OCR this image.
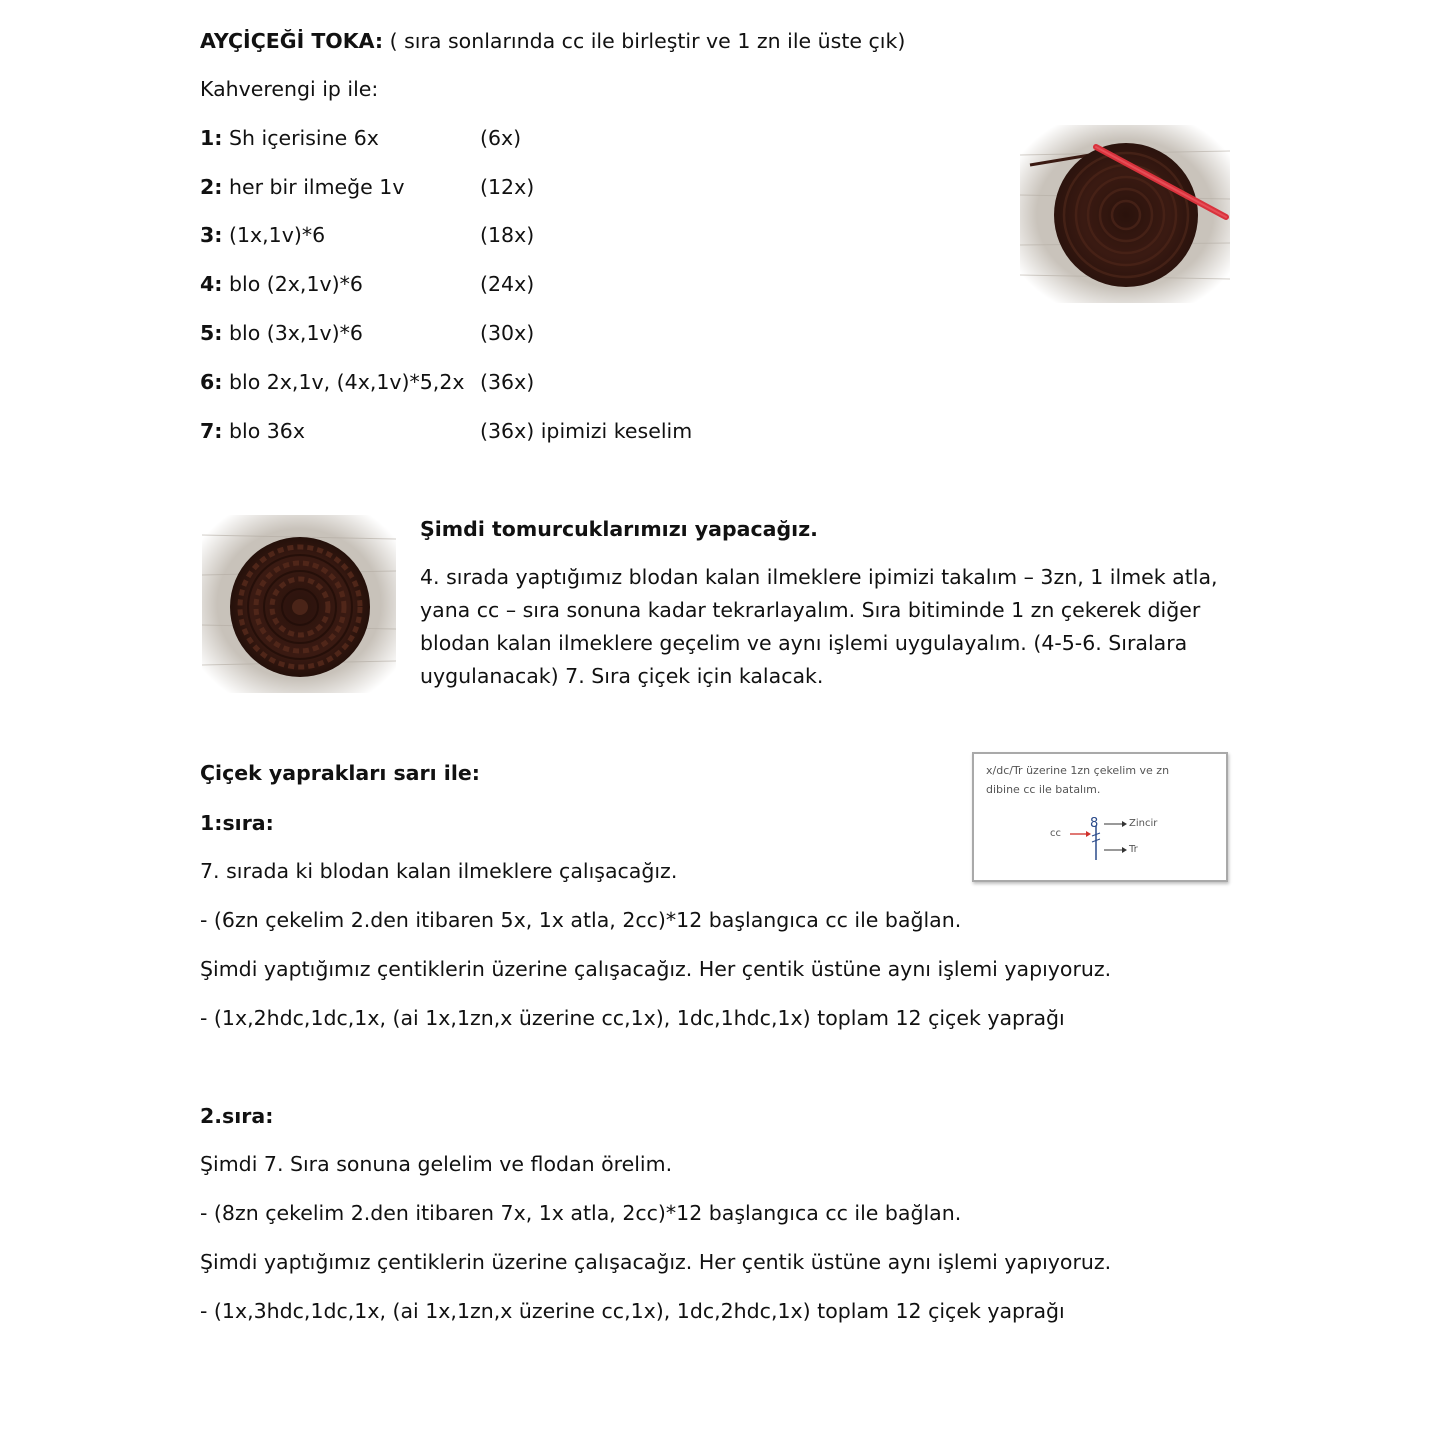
AYÇİÇEĞİ TOKA: ( sıra sonlarında cc ile birleştir ve 1 zn ile üste çık)
Kahverengi ip ile:
1: Sh içerisine 6x	(6x)
2: her bir ilmeğe 1v	(12x)
3: (1x,1v)*6	(18x)
4: blo (2x,1v)*6	(24x)
5: blo (3x,1v)*6	(30x)
6: blo 2x,1v, (4x,1v)*5,2x (36x)
7: blo 36x	(36x) ipimizi keselim
Şimdi tomurcuklarımızı yapacağız.
4. sırada yaptığımız blodan kalan ilmeklere ipimizi takalım – 3zn, 1 ilmek atla,
yana cc – sıra sonuna kadar tekrarlayalım. Sıra bitiminde 1 zn çekerek diğer
blodan kalan ilmeklere geçelim ve aynı işlemi uygulayalım. (4-5-6. Sıralara
uygulanacak) 7. Sıra çiçek için kalacak.
x/dc/Tr üzerine 1zn çekelim ve zn
dibine cc ile batalım.
cc
8	Zincir
Tr
Çiçek yaprakları sarı ile:
1:sıra:
7. sırada ki blodan kalan ilmeklere çalışacağız.
- (6zn çekelim 2.den itibaren 5x, 1x atla, 2cc)*12 başlangıca cc ile bağlan.
Şimdi yaptığımız çentiklerin üzerine çalışacağız. Her çentik üstüne aynı işlemi yapıyoruz.
- (1x,2hdc,1dc,1x, (ai 1x,1zn,x üzerine cc,1x), 1dc,1hdc,1x) toplam 12 çiçek yaprağı
2.sıra:
Şimdi 7. Sıra sonuna gelelim ve flodan örelim.
- (8zn çekelim 2.den itibaren 7x, 1x atla, 2cc)*12 başlangıca cc ile bağlan.
Şimdi yaptığımız çentiklerin üzerine çalışacağız. Her çentik üstüne aynı işlemi yapıyoruz.
- (1x,3hdc,1dc,1x, (ai 1x,1zn,x üzerine cc,1x), 1dc,2hdc,1x) toplam 12 çiçek yaprağı
